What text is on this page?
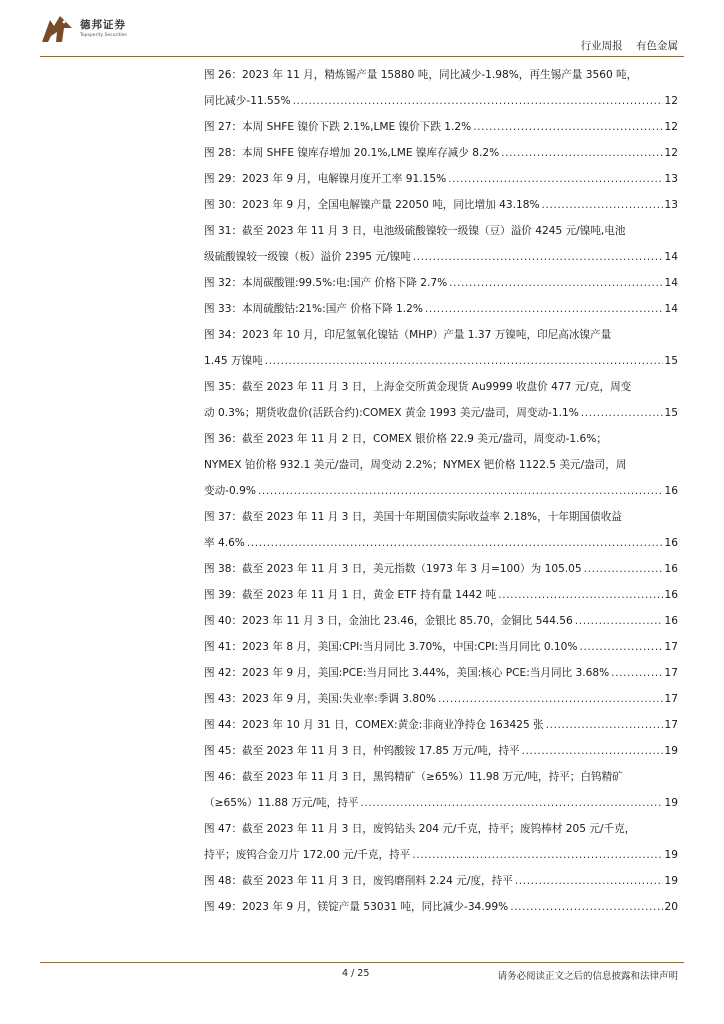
德邦证券
Topsperity Securities
行业周报 有色金属
图 26：2023 年 11 月，精炼锡产量 15880 吨，同比减少-1.98%，再生锡产量 3560 吨，
同比减少-11.55% .....	12
图 27：本周 SHFE 镍价下跌 2.1%,LME 镍价下跌 1.2% .....	12
图 28：本周 SHFE 镍库存增加 20.1%,LME 镍库存减少 8.2% .....	12
图 29：2023 年 9 月，电解镍月度开工率 91.15% .....	13
图 30：2023 年 9 月，全国电解镍产量 22050 吨，同比增加 43.18% .....	13
图 31：截至 2023 年 11 月 3 日，电池级硫酸镍较一级镍（豆）溢价 4245 元/镍吨,电池
级硫酸镍较一级镍（板）溢价 2395 元/镍吨 .....	14
图 32：本周碳酸锂:99.5%:电:国产 价格下降 2.7% .....	14
图 33：本周硫酸钴:21%:国产 价格下降 1.2% .....	14
图 34：2023 年 10 月，印尼氢氧化镍钴（MHP）产量 1.37 万镍吨，印尼高冰镍产量
1.45 万镍吨 .....	15
图 35：截至 2023 年 11 月 3 日，上海金交所黄金现货 Au9999 收盘价 477 元/克，周变
动 0.3%；期货收盘价(活跃合约):COMEX 黄金 1993 美元/盎司，周变动-1.1% .....	15
图 36：截至 2023 年 11 月 2 日，COMEX 银价格 22.9 美元/盎司，周变动-1.6%；
NYMEX 铂价格 932.1 美元/盎司，周变动 2.2%；NYMEX 钯价格 1122.5 美元/盎司，周
变动-0.9% .....	16
图 37：截至 2023 年 11 月 3 日，美国十年期国债实际收益率 2.18%，十年期国债收益
率 4.6% .....	16
图 38：截至 2023 年 11 月 3 日，美元指数（1973 年 3 月=100）为 105.05 .....	16
图 39：截至 2023 年 11 月 1 日，黄金 ETF 持有量 1442 吨 .....	16
图 40：2023 年 11 月 3 日，金油比 23.46，金银比 85.70，金铜比 544.56 .....	16
图 41：2023 年 8 月，美国:CPI:当月同比 3.70%，中国:CPI:当月同比 0.10% .....	17
图 42：2023 年 9 月，美国:PCE:当月同比 3.44%，美国:核心 PCE:当月同比 3.68% .....	17
图 43：2023 年 9 月，美国:失业率:季调 3.80% .....	17
图 44：2023 年 10 月 31 日，COMEX:黄金:非商业净持仓 163425 张 .....	17
图 45：截至 2023 年 11 月 3 日，仲钨酸铵 17.85 万元/吨，持平 .....	19
图 46：截至 2023 年 11 月 3 日，黑钨精矿（≥65%）11.98 万元/吨，持平；白钨精矿
（≥65%）11.88 万元/吨，持平 .....	19
图 47：截至 2023 年 11 月 3 日，废钨钻头 204 元/千克，持平；废钨棒材 205 元/千克，
持平；废钨合金刀片 172.00 元/千克，持平 .....	19
图 48：截至 2023 年 11 月 3 日，废钨磨削料 2.24 元/度，持平 .....	19
图 49：2023 年 9 月，镁锭产量 53031 吨，同比减少-34.99% .....	20
4 / 25	请务必阅读正文之后的信息披露和法律声明
